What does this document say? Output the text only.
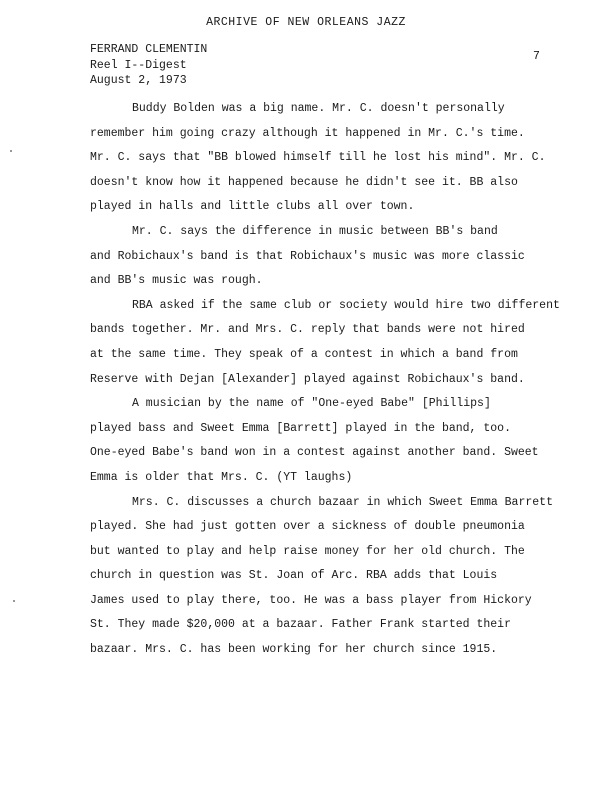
ARCHIVE OF NEW ORLEANS JAZZ
FERRAND CLEMENTIN
Reel I--Digest
August 2, 1973
7
Buddy Bolden was a big name. Mr. C. doesn't personally
remember him going crazy although it happened in Mr. C.'s time.
Mr. C. says that "BB blowed himself till he lost his mind". Mr. C.
doesn't know how it happened because he didn't see it. BB also
played in halls and little clubs all over town.
Mr. C. says the difference in music between BB's band
and Robichaux's band is that Robichaux's music was more classic
and BB's music was rough.
RBA asked if the same club or society would hire two different
bands together. Mr. and Mrs. C. reply that bands were not hired
at the same time. They speak of a contest in which a band from
Reserve with Dejan [Alexander] played against Robichaux's band.
A musician by the name of "One-eyed Babe" [Phillips]
played bass and Sweet Emma [Barrett] played in the band, too.
One-eyed Babe's band won in a contest against another band. Sweet
Emma is older that Mrs. C. (YT laughs)
Mrs. C. discusses a church bazaar in which Sweet Emma Barrett
played. She had just gotten over a sickness of double pneumonia
but wanted to play and help raise money for her old church. The
church in question was St. Joan of Arc. RBA adds that Louis
James used to play there, too. He was a bass player from Hickory
St. They made $20,000 at a bazaar. Father Frank started their
bazaar. Mrs. C. has been working for her church since 1915.
